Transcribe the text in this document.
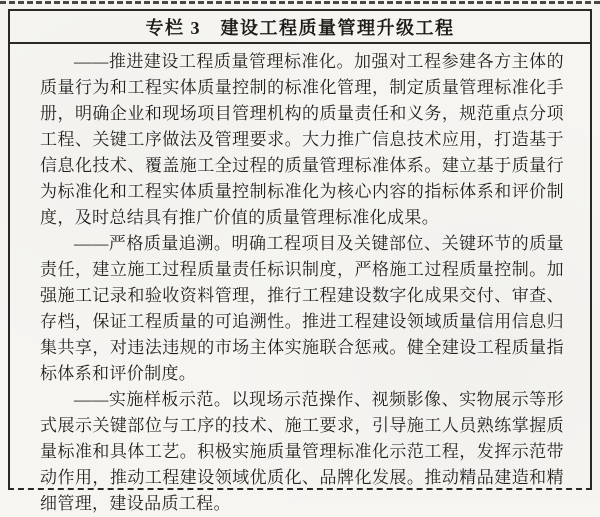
专栏 3　建设工程质量管理升级工程

——推进建设工程质量管理标准化。加强对工程参建各方主体的质量行为和工程实体质量控制的标准化管理，制定质量管理标准化手册，明确企业和现场项目管理机构的质量责任和义务，规范重点分项工程、关键工序做法及管理要求。大力推广信息技术应用，打造基于信息化技术、覆盖施工全过程的质量管理标准体系。建立基于质量行为标准化和工程实体质量控制标准化为核心内容的指标体系和评价制度，及时总结具有推广价值的质量管理标准化成果。

——严格质量追溯。明确工程项目及关键部位、关键环节的质量责任，建立施工过程质量责任标识制度，严格施工过程质量控制。加强施工记录和验收资料管理，推行工程建设数字化成果交付、审查、存档，保证工程质量的可追溯性。推进工程建设领域质量信用信息归集共享，对违法违规的市场主体实施联合惩戒。健全建设工程质量指标体系和评价制度。

——实施样板示范。以现场示范操作、视频影像、实物展示等形式展示关键部位与工序的技术、施工要求，引导施工人员熟练掌握质量标准和具体工艺。积极实施质量管理标准化示范工程，发挥示范带动作用，推动工程建设领域优质化、品牌化发展。推动精品建造和精细管理，建设品质工程。
